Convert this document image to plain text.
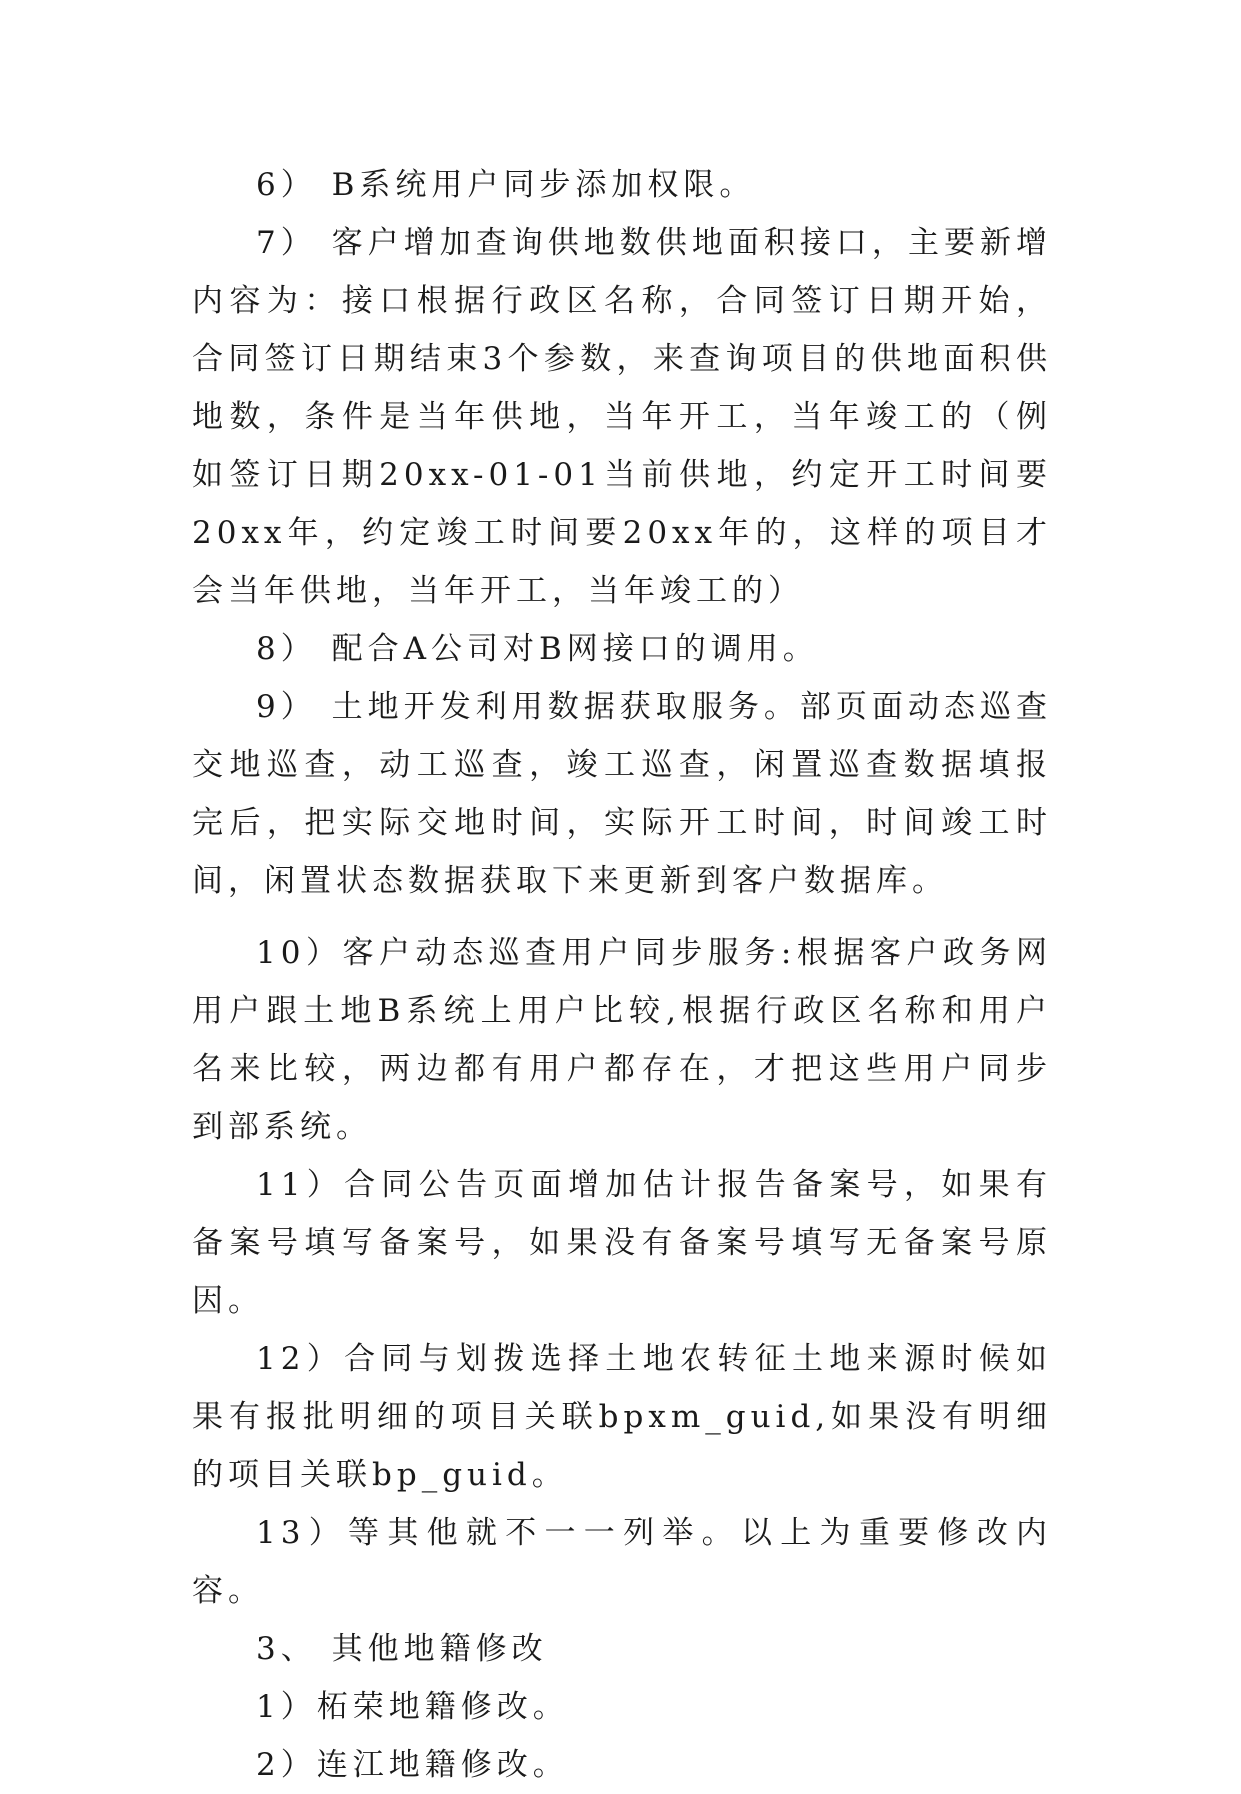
6） B系统用户同步添加权限。

7） 客户增加查询供地数供地面积接口，主要新增内容为：接口根据行政区名称，合同签订日期开始，合同签订日期结束3个参数，来查询项目的供地面积供地数，条件是当年供地，当年开工，当年竣工的（例如签订日期20xx-01-01当前供地，约定开工时间要20xx年，约定竣工时间要20xx年的，这样的项目才会当年供地，当年开工，当年竣工的）

8） 配合A公司对B网接口的调用。

9） 土地开发利用数据获取服务。部页面动态巡查交地巡查，动工巡查，竣工巡查，闲置巡查数据填报完后，把实际交地时间，实际开工时间，时间竣工时间，闲置状态数据获取下来更新到客户数据库。

10）客户动态巡查用户同步服务:根据客户政务网用户跟土地B系统上用户比较,根据行政区名称和用户名来比较，两边都有用户都存在，才把这些用户同步到部系统。

11）合同公告页面增加估计报告备案号，如果有备案号填写备案号，如果没有备案号填写无备案号原因。

12）合同与划拨选择土地农转征土地来源时候如果有报批明细的项目关联bpxm_guid,如果没有明细的项目关联bp_guid。

13）等其他就不一一列举。以上为重要修改内容。

3、 其他地籍修改

1）柘荣地籍修改。

2）连江地籍修改。
